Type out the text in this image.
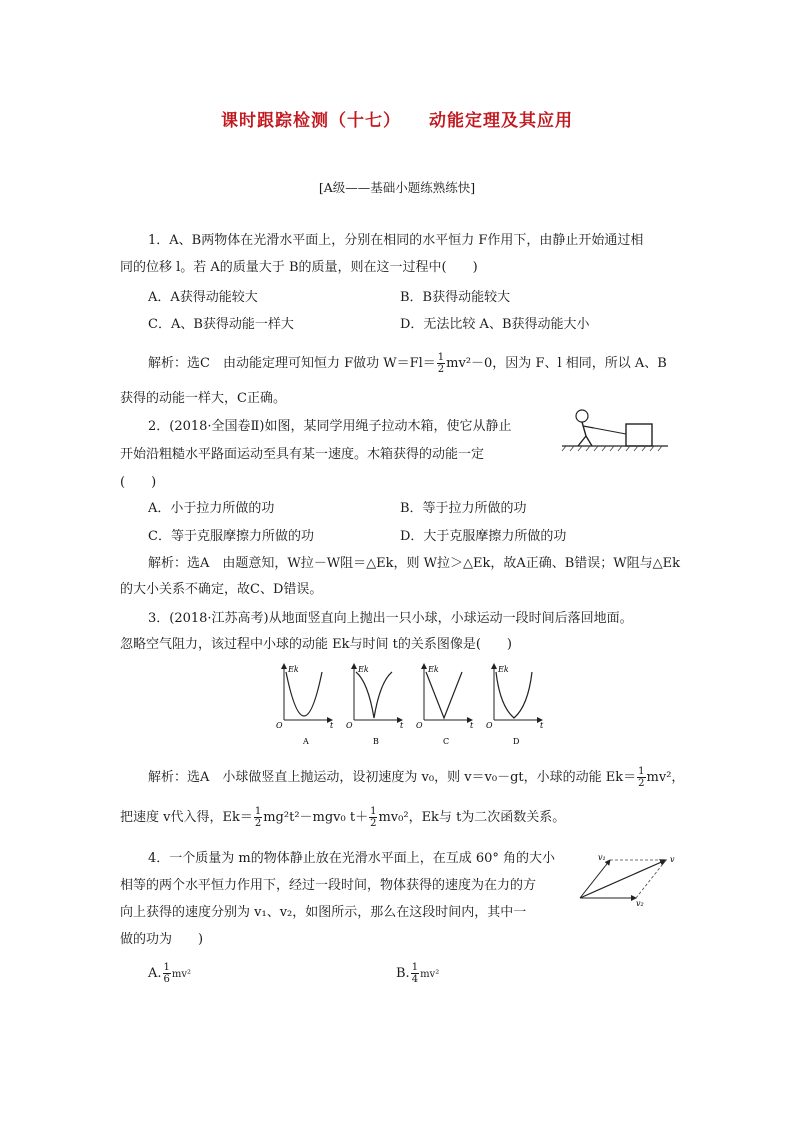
课时跟踪检测（十七） 动能定理及其应用
[A级——基础小题练熟练快]
1．A、B两物体在光滑水平面上，分别在相同的水平恒力 F作用下，由静止开始通过相
同的位移 l。若 A的质量大于 B的质量，则在这一过程中(　　)
A．A获得动能较大	B．B获得动能较大
C．A、B获得动能一样大	D．无法比较 A、B获得动能大小
解析：选C　由动能定理可知恒力 F做功 $W=Fl= \frac{1}{2} mv^2-0$，因为 F、l 相同，所以 A、B
获得的动能一样大，C正确。
2．(2018·全国卷Ⅱ)如图，某同学用绳子拉动木箱，使它从静止
开始沿粗糙水平路面运动至具有某一速度。木箱获得的动能一定
(　　)
A．小于拉力所做的功	B．等于拉力所做的功
C．等于克服摩擦力所做的功	D．大于克服摩擦力所做的功
解析：选A　由题意知，W拉－W阻＝△Ek，则 W拉＞△Ek，故A正确、B错误；W阻与△Ek
的大小关系不确定，故C、D错误。
3．(2018·江苏高考)从地面竖直向上抛出一只小球，小球运动一段时间后落回地面。
忽略空气阻力，该过程中小球的动能 Ek与时间 t的关系图像是(　　)
Ek
O	t
A
Ek
O	t
B
Ek
O	t
C
Ek
O	t
D
解析：选A　小球做竖直上抛运动，设初速度为 v₀，则 v＝v₀－gt，小球的动能 $Ek= \frac{1}{2} mv^2$，
把速度 v代入得，$Ek= \frac{1}{2} mg^2t^2-mgv_0$ $t+ \frac{1}{2} mv_0^2$，Ek与 t为二次函数关系。
4．一个质量为 m的物体静止放在光滑水平面上，在互成 60° 角的大小
相等的两个水平恒力作用下，经过一段时间，物体获得的速度为在力的方
向上获得的速度分别为 v₁、v₂，如图所示，那么在这段时间内，其中一
做的功为　　)
v₁	v
v₂
A. $\frac{1}{6} mv^2$	B. $\frac{1}{4} mv^2$
